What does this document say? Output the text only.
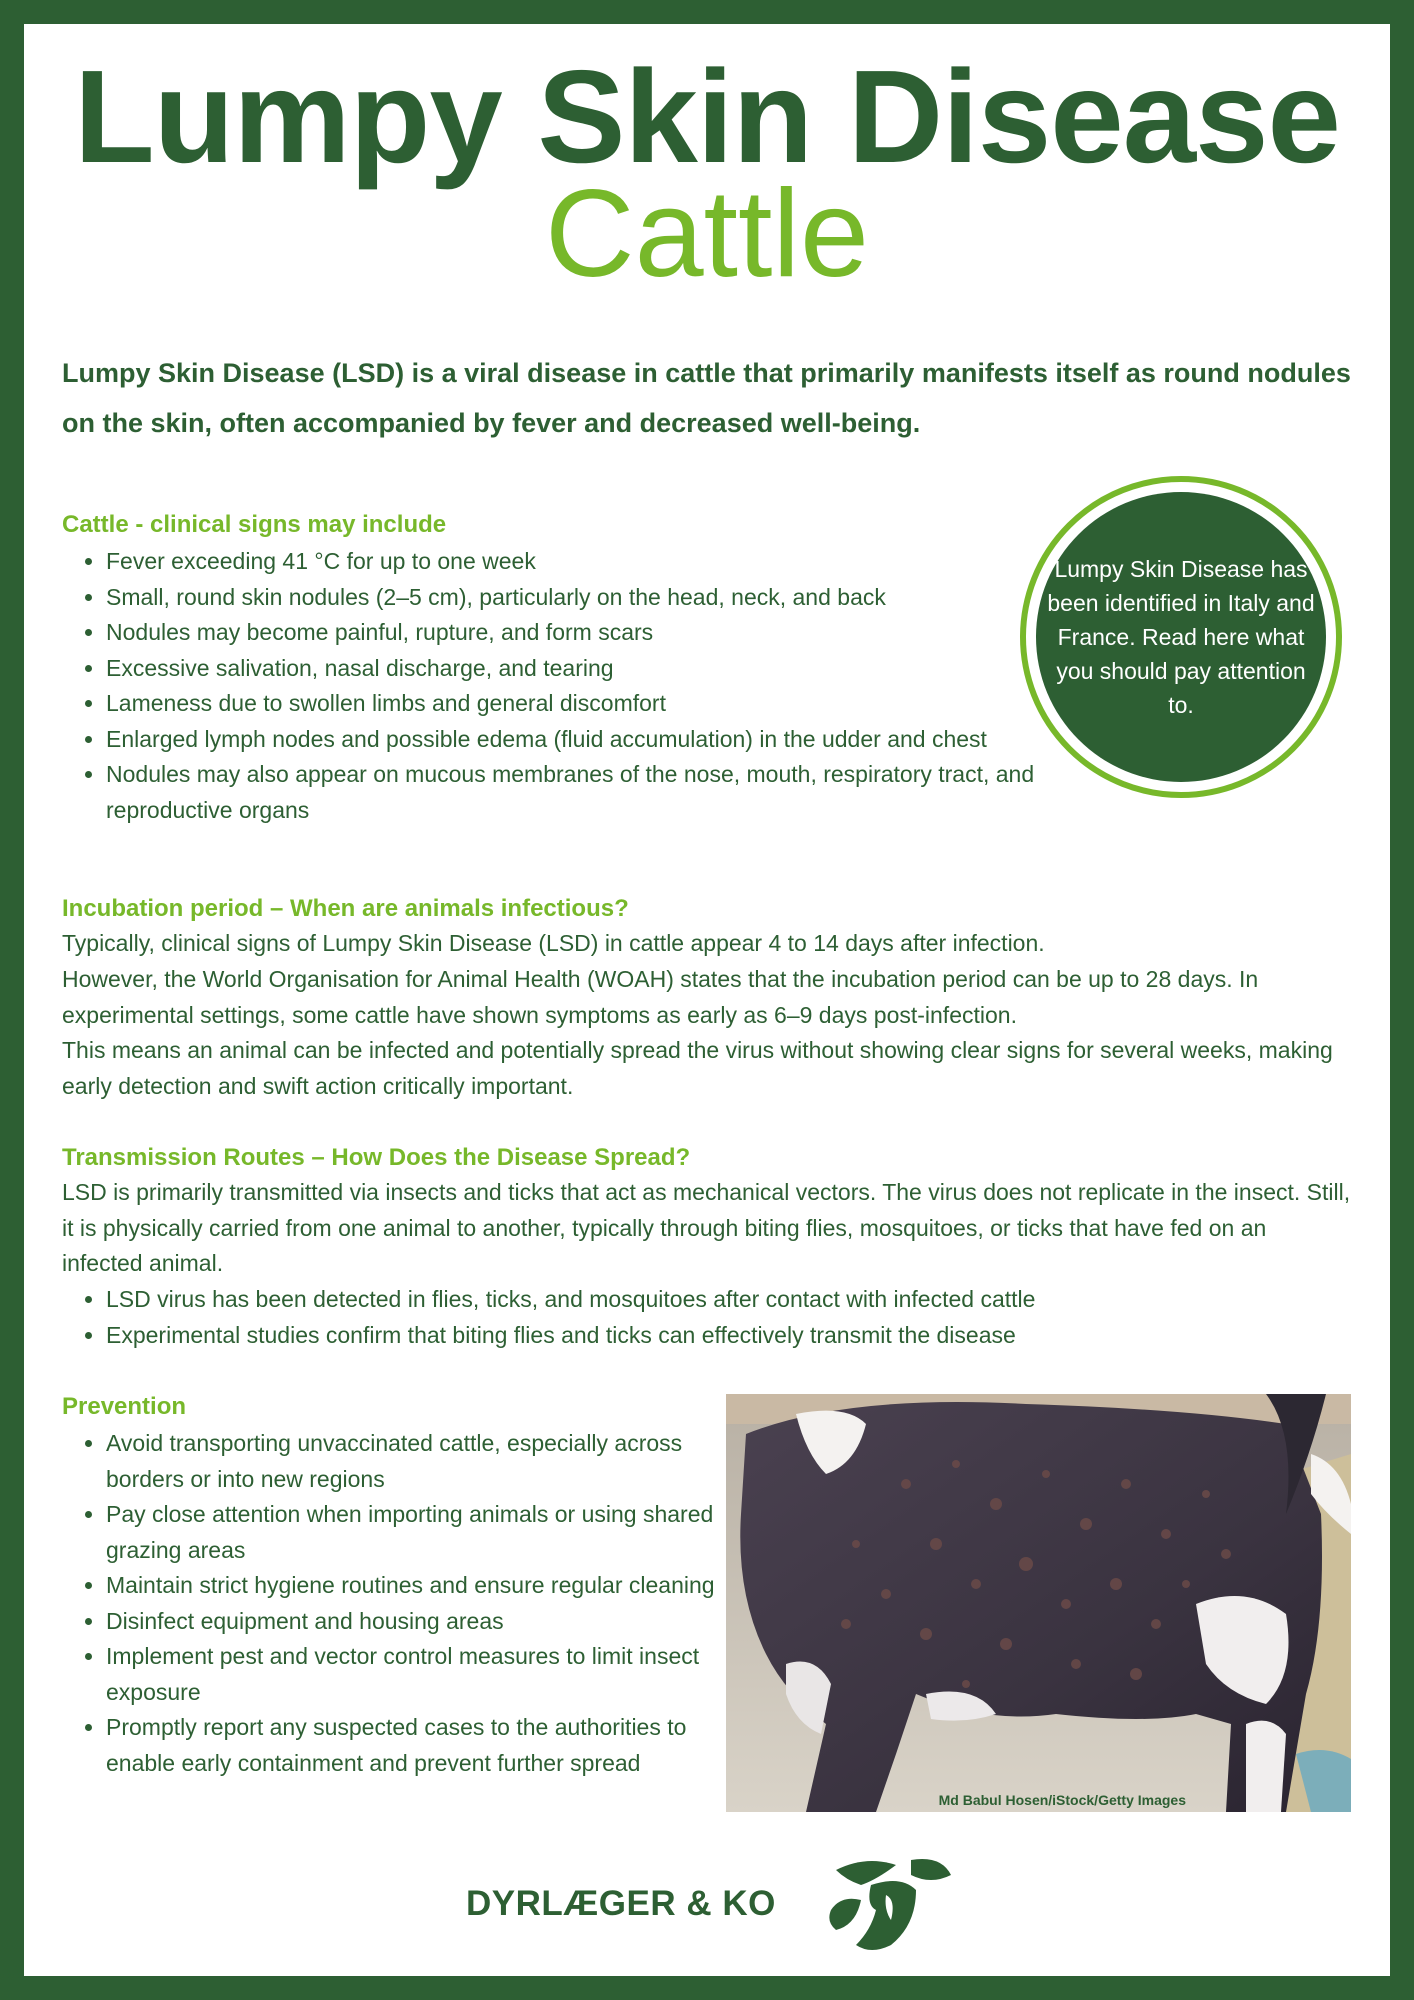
Lumpy Skin Disease
Cattle
Lumpy Skin Disease (LSD) is a viral disease in cattle that primarily manifests itself as round nodules on the skin, often accompanied by fever and decreased well-being.
Cattle - clinical signs may include
• Fever exceeding 41 °C for up to one week
• Small, round skin nodules (2–5 cm), particularly on the head, neck, and back
• Nodules may become painful, rupture, and form scars
• Excessive salivation, nasal discharge, and tearing
• Lameness due to swollen limbs and general discomfort
• Enlarged lymph nodes and possible edema (fluid accumulation) in the udder and chest
• Nodules may also appear on mucous membranes of the nose, mouth, respiratory tract, and reproductive organs
Lumpy Skin Disease has been identified in Italy and France. Read here what you should pay attention to.
Incubation period – When are animals infectious?

Typically, clinical signs of Lumpy Skin Disease (LSD) in cattle appear 4 to 14 days after infection.

However, the World Organisation for Animal Health (WOAH) states that the incubation period can be up to 28 days. In experimental settings, some cattle have shown symptoms as early as 6–9 days post-infection.

This means an animal can be infected and potentially spread the virus without showing clear signs for several weeks, making early detection and swift action critically important.

Transmission Routes – How Does the Disease Spread?

LSD is primarily transmitted via insects and ticks that act as mechanical vectors. The virus does not replicate in the insect. Still, it is physically carried from one animal to another, typically through biting flies, mosquitoes, or ticks that have fed on an infected animal.

• LSD virus has been detected in flies, ticks, and mosquitoes after contact with infected cattle
• Experimental studies confirm that biting flies and ticks can effectively transmit the disease
Prevention
• Avoid transporting unvaccinated cattle, especially across borders or into new regions
• Pay close attention when importing animals or using shared grazing areas
• Maintain strict hygiene routines and ensure regular cleaning
• Disinfect equipment and housing areas
• Implement pest and vector control measures to limit insect exposure
• Promptly report any suspected cases to the authorities to enable early containment and prevent further spread
Md Babul Hosen/iStock/Getty Images
DYRLÆGER & KO
